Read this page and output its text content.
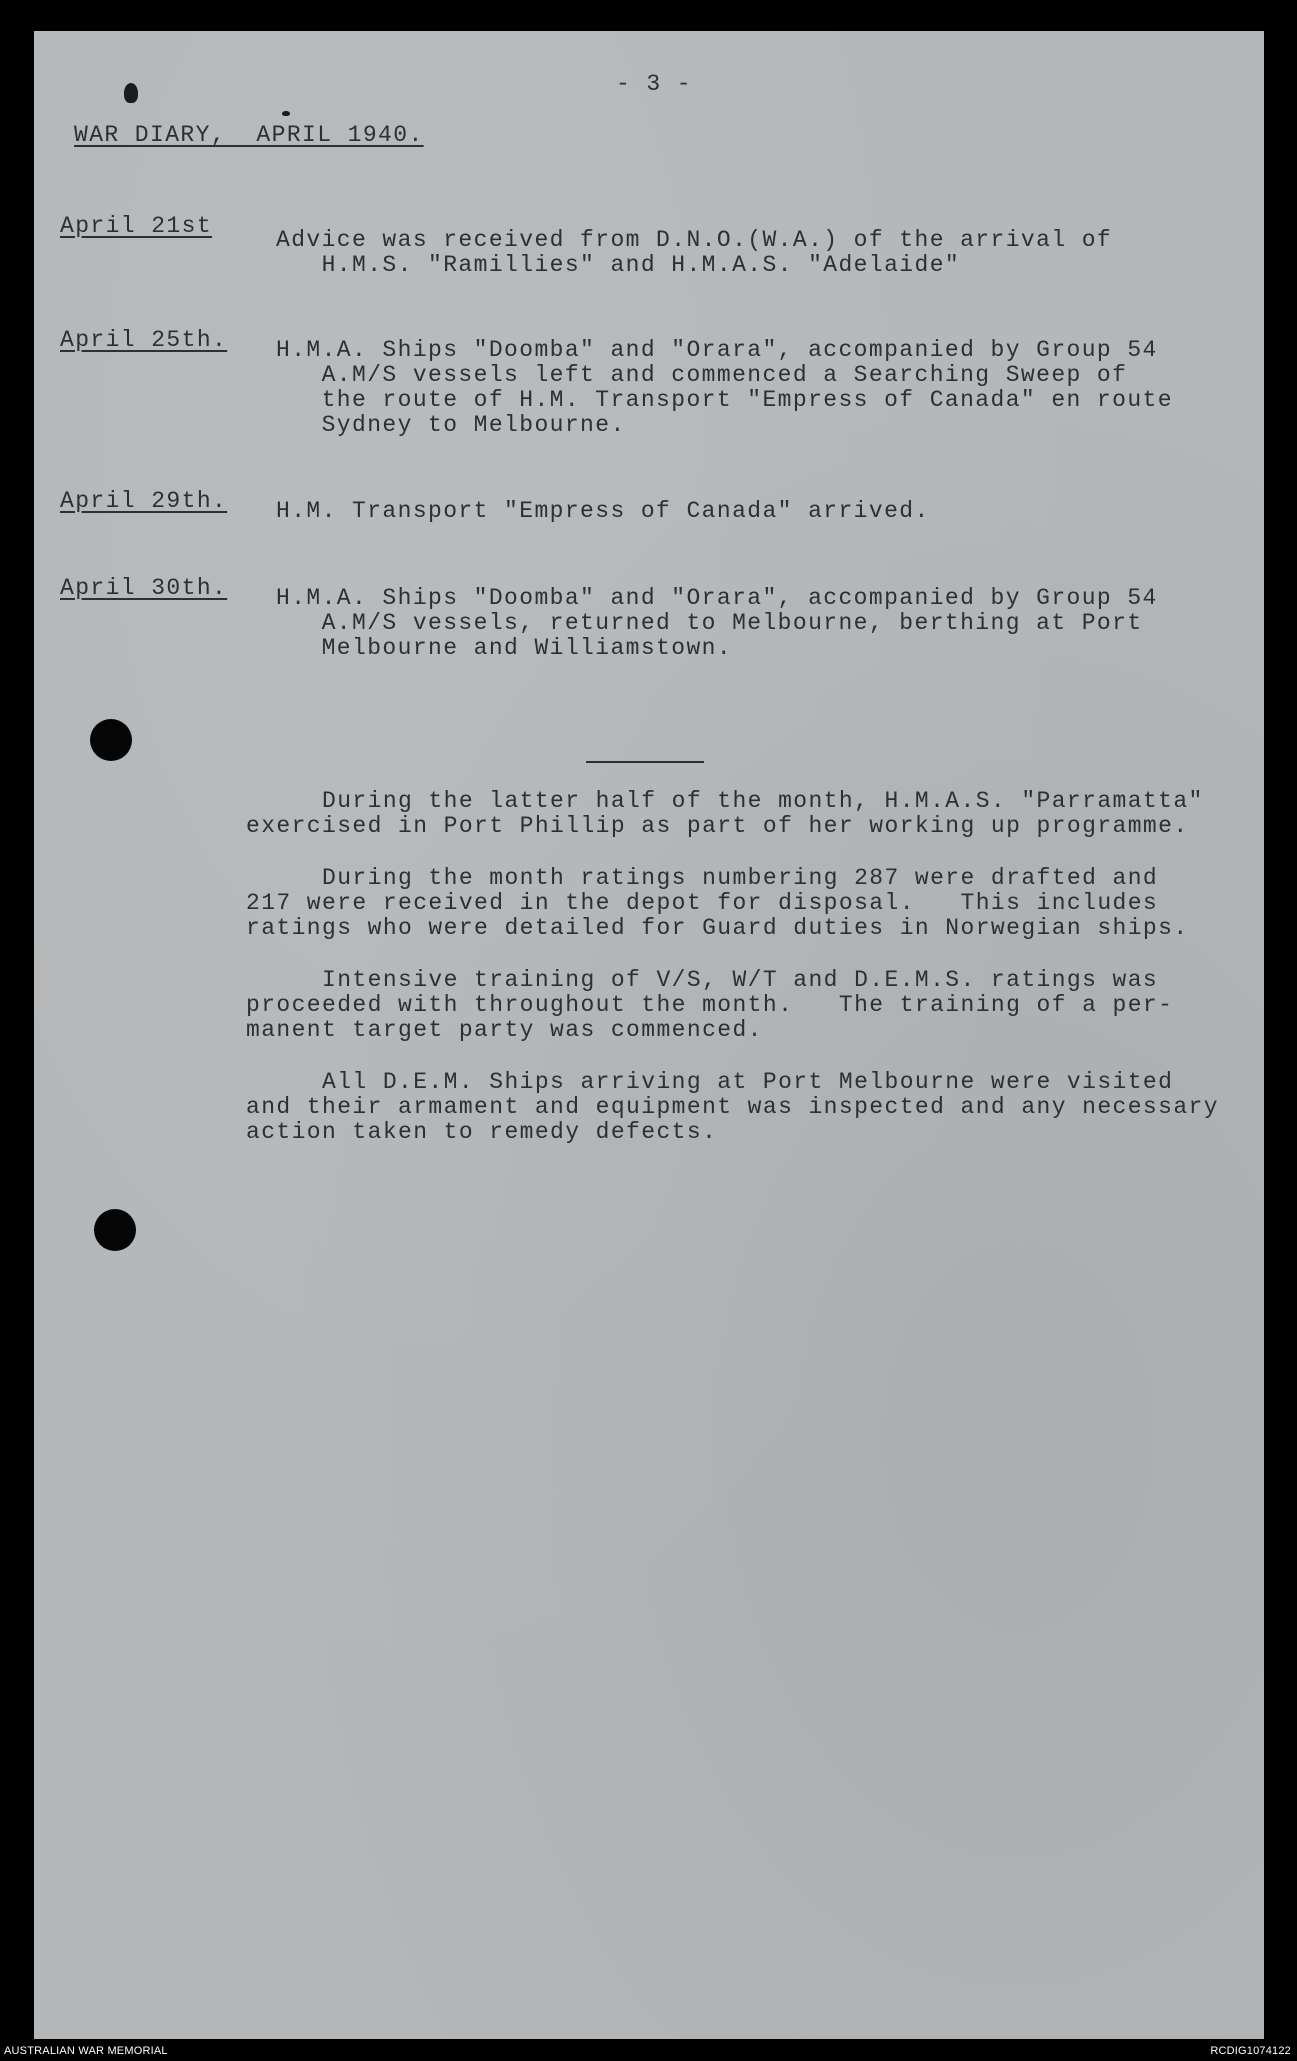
- 3 -

WAR DIARY,  APRIL 1940.

April 21st

Advice was received from D.N.O.(W.A.) of the arrival of

H.M.S. "Ramillies" and H.M.A.S. "Adelaide"

April 25th. H.M.A. Ships "Doomba" and "Orara", accompanied by Group 54

A.M/S vessels left and commenced a Searching Sweep of

the route of H.M. Transport "Empress of Canada" en route

Sydney to Melbourne.

April 29th. H.M. Transport "Empress of Canada" arrived.

April 30th. H.M.A. Ships "Doomba" and "Orara", accompanied by Group 54

A.M/S vessels, returned to Melbourne, berthing at Port

Melbourne and Williamstown.

During the latter half of the month, H.M.A.S. "Parramatta"

exercised in Port Phillip as part of her working up programme.

During the month ratings numbering 287 were drafted and

217 were received in the depot for disposal.   This includes

ratings who were detailed for Guard duties in Norwegian ships.

Intensive training of V/S, W/T and D.E.M.S. ratings was

proceeded with throughout the month.   The training of a per-

manent target party was commenced.

All D.E.M. Ships arriving at Port Melbourne were visited

and their armament and equipment was inspected and any necessary

action taken to remedy defects.

AUSTRALIAN WAR MEMORIAL	RCDIG1074122
